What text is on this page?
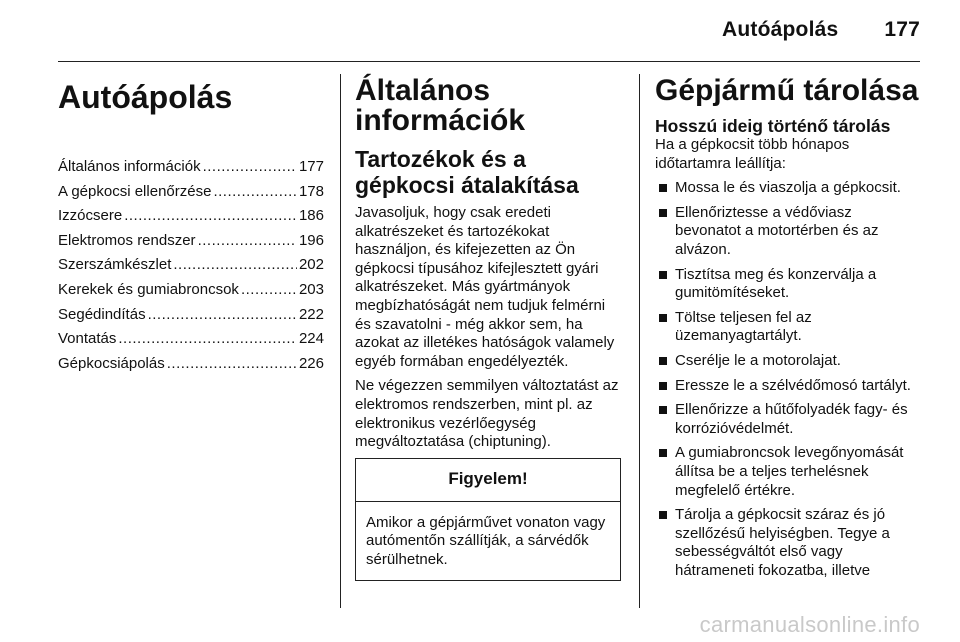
Autóápolás 177
Autóápolás
Általános információk .....	177
A gépkocsi ellenőrzése .....	178
Izzócsere .....	186
Elektromos rendszer .....	196
Szerszámkészlet .....	202
Kerekek és gumiabroncsok .....	203
Segédindítás .....	222
Vontatás .....	224
Gépkocsiápolás .....	226
Általános információk
Tartozékok és a gépkocsi átalakítása

Javasoljuk, hogy csak eredeti alkatrészeket és tartozékokat használjon, és kifejezetten az Ön gépkocsi típusához kifejlesztett gyári alkatrészeket. Más gyártmányok megbízhatóságát nem tudjuk felmérni és szavatolni - még akkor sem, ha azokat az illetékes hatóságok valamely egyéb formában engedélyezték.

Ne végezzen semmilyen változtatást az elektromos rendszerben, mint pl. az elektronikus vezérlőegység megváltoztatása (chiptuning).

Figyelem!
Amikor a gépjárművet vonaton vagy autómentőn szállítják, a sárvédők sérülhetnek.
Gépjármű tárolása
Hosszú ideig történő tárolás

Ha a gépkocsit több hónapos időtartamra leállítja:

Mossa le és viaszolja a gépkocsit.
Ellenőriztesse a védőviasz bevonatot a motortérben és az alvázon.
Tisztítsa meg és konzerválja a gumitömítéseket.
Töltse teljesen fel az üzemanyagtartályt.
Cserélje le a motorolajat.
Eressze le a szélvédőmosó tartályt.
Ellenőrizze a hűtőfolyadék fagy- és korrózióvédelmét.
A gumiabroncsok levegőnyomását állítsa be a teljes terhelésnek megfelelő értékre.
Tárolja a gépkocsit száraz és jó szellőzésű helyiségben. Tegye a sebességváltót első vagy hátrameneti fokozatba, illetve
carmanualsonline.info
